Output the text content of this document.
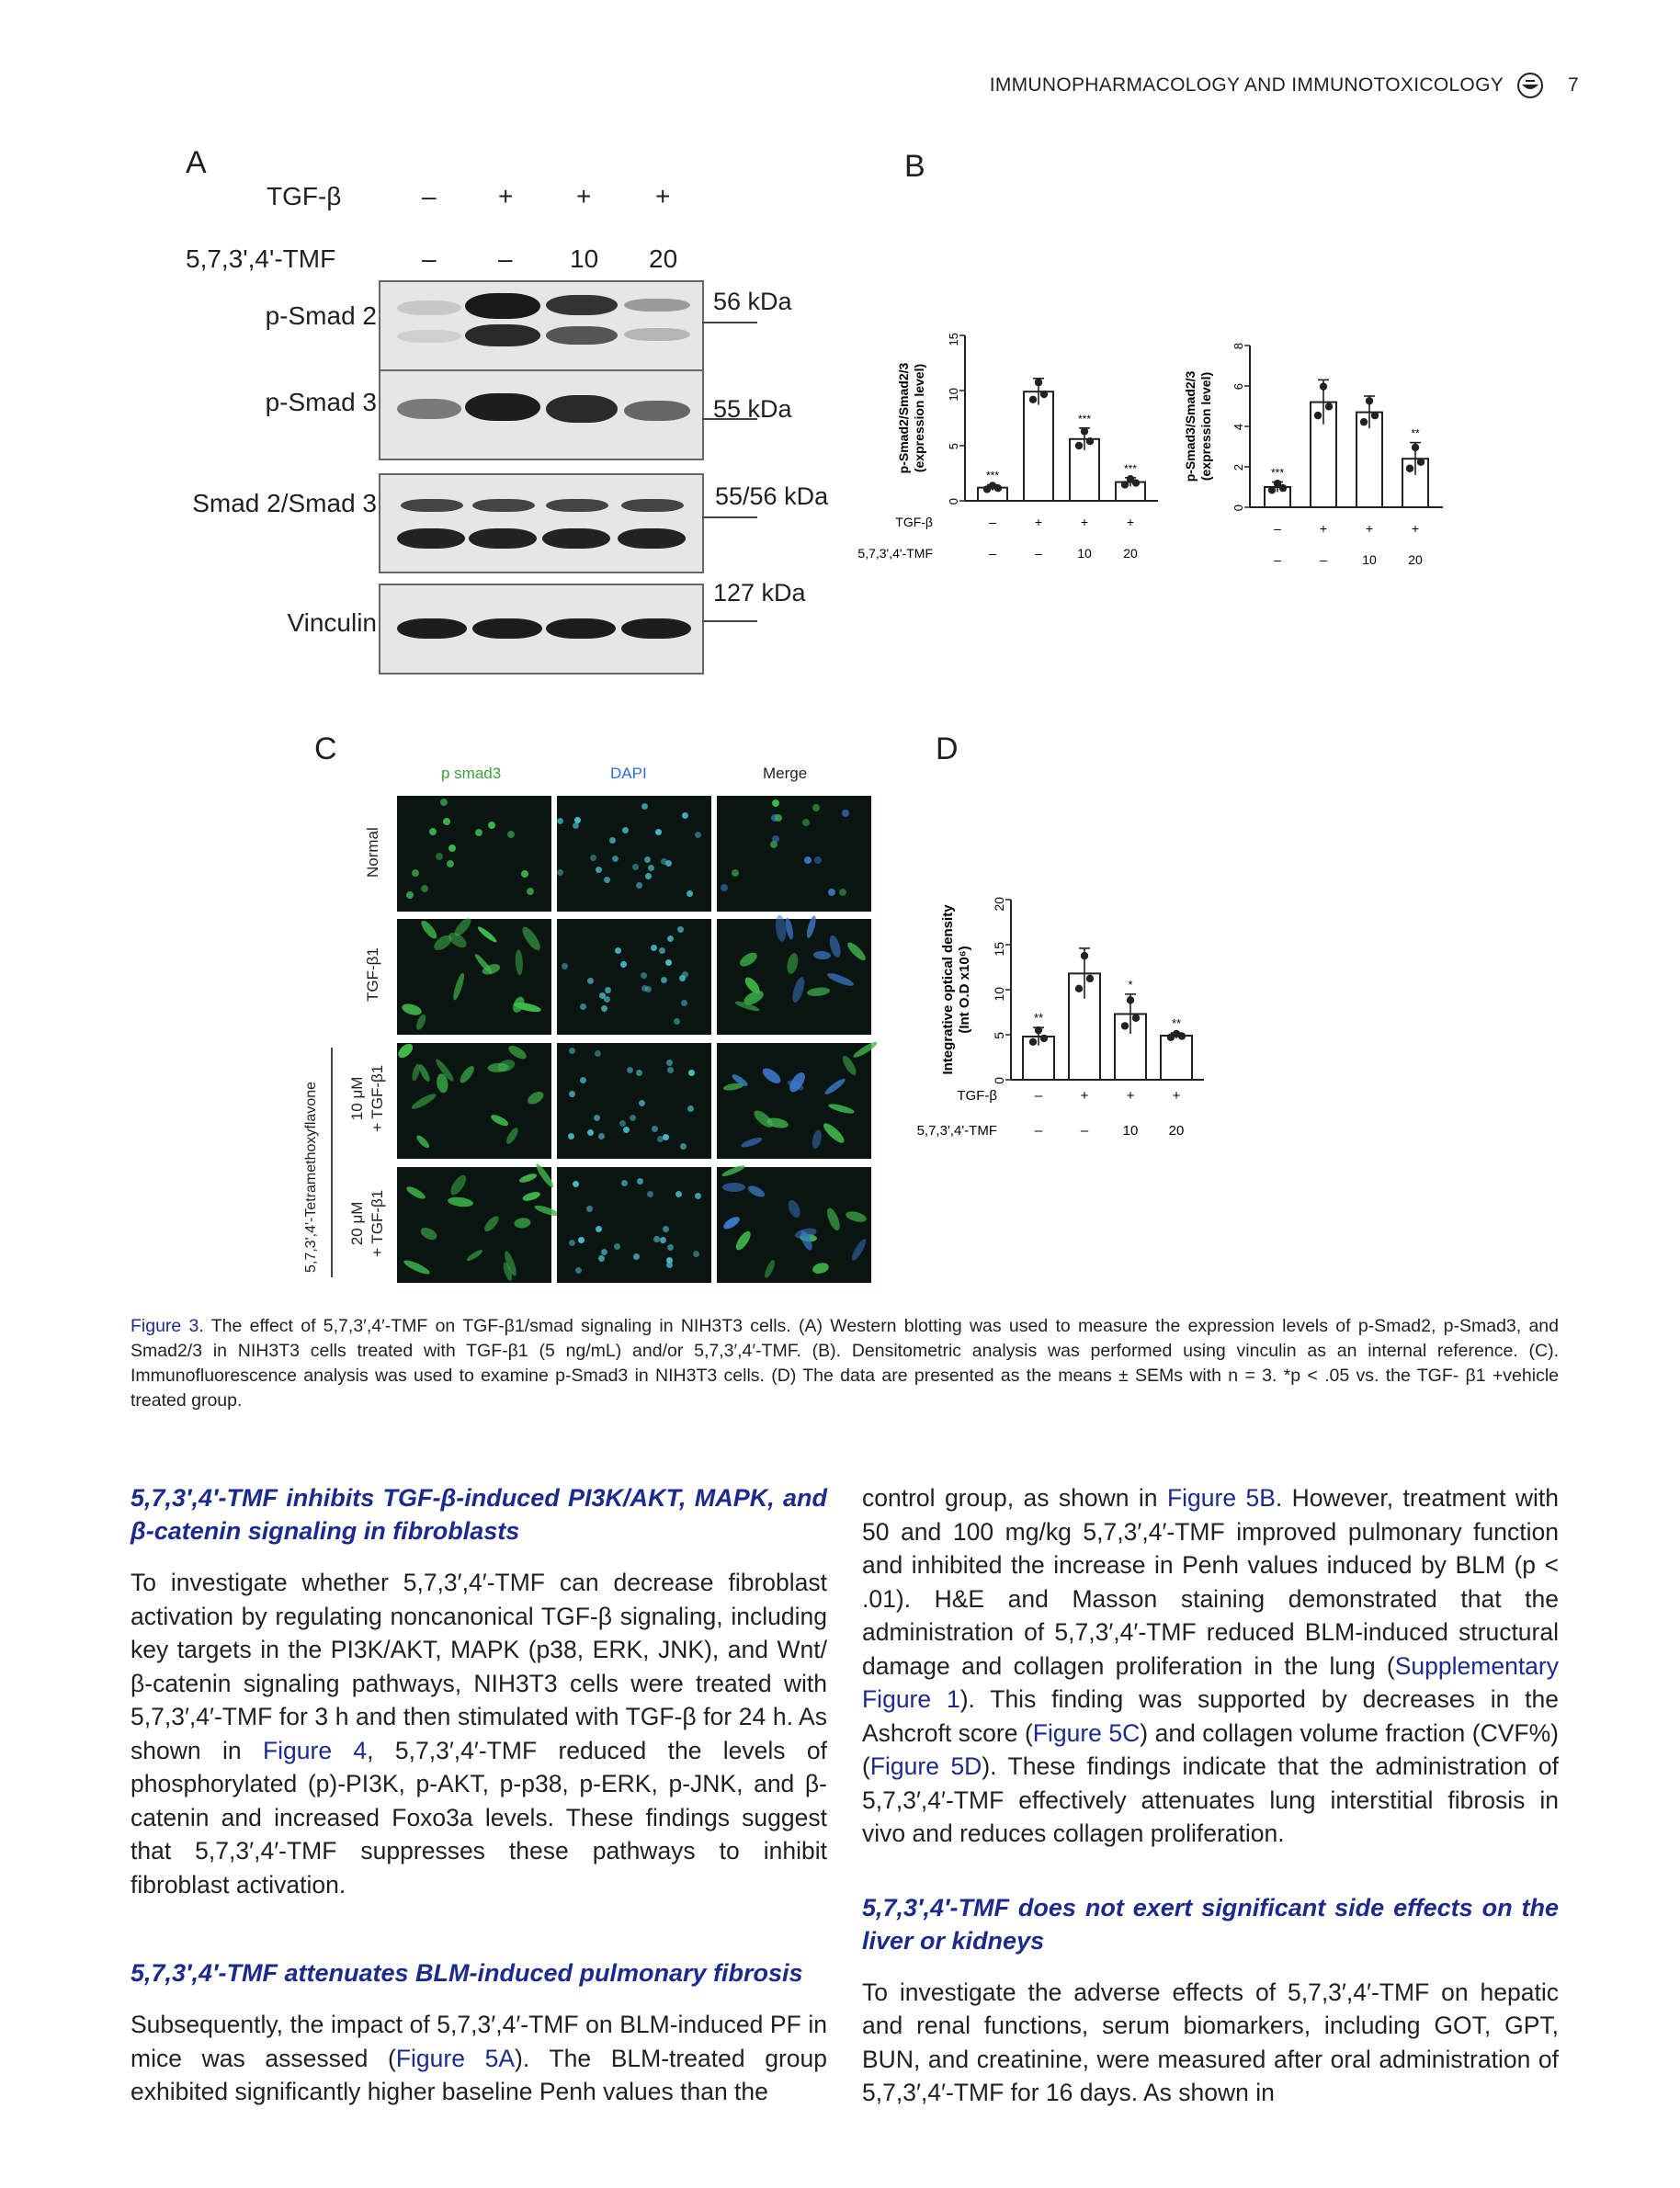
IMMUNOPHARMACOLOGY AND IMMUNOTOXICOLOGY	7
A
TGF-β
5,7,3',4'-TMF
– + + +
– – 10 20
p-Smad 2
p-Smad 3
Smad 2/Smad 3
Vinculin
56 kDa
55 kDa
55/56 kDa
127 kDa
B
0
5
10
15
p-Smad2/Smad2/3 (expression level)
***
***
***
TGF-β	–	+	+	+
5,7,3',4'-TMF	–	–	10 20
0
2
4
6
8
p-Smad3/Smad2/3 (expression level)	***
**
–	+	+	+
–	–	10 20
C
p smad3	DAPI	Merge
Normal
TGF-β1
10 μM
+ TGF-β1
20 μM
+ TGF-β1
5,7,3',4'-Tetramethoxyflavone
D
0
5
10
15
20
Integrative optical density (Int O.D x10⁶)	**
*
**
TGF-β	–	+	+	+
5,7,3',4'-TMF	–	– 10 20
Figure 3. The effect of 5,7,3′,4′-TMF on TGF-β1/smad signaling in NIH3T3 cells. (A) Western blotting was used to measure the expression levels of p-Smad2, p-Smad3, and Smad2/3 in NIH3T3 cells treated with TGF-β1 (5 ng/mL) and/or 5,7,3′,4′-TMF. (B). Densitometric analysis was performed using vinculin as an internal reference. (C). Immunofluorescence analysis was used to examine p-Smad3 in NIH3T3 cells. (D) The data are presented as the means ± SEMs with n = 3. *p < .05 vs. the TGF- β1 +vehicle treated group.

5,7,3′,4′-TMF inhibits TGF-β-induced PI3K/AKT, MAPK, and β-catenin signaling in fibroblasts

To investigate whether 5,7,3′,4′-TMF can decrease fibroblast activation by regulating noncanonical TGF-β signaling, including key targets in the PI3K/AKT, MAPK (p38, ERK, JNK), and Wnt/β-catenin signaling pathways, NIH3T3 cells were treated with 5,7,3′,4′-TMF for 3 h and then stimulated with TGF-β for 24 h. As shown in Figure 4, 5,7,3′,4′-TMF reduced the levels of phosphorylated (p)-PI3K, p-AKT, p-p38, p-ERK, p-JNK, and β-catenin and increased Foxo3a levels. These findings suggest that 5,7,3′,4′-TMF suppresses these pathways to inhibit fibroblast activation.

5,7,3′,4′-TMF attenuates BLM-induced pulmonary fibrosis

Subsequently, the impact of 5,7,3′,4′-TMF on BLM-induced PF in mice was assessed (Figure 5A). The BLM-treated group exhibited significantly higher baseline Penh values than the

control group, as shown in Figure 5B. However, treatment with 50 and 100 mg/kg 5,7,3′,4′-TMF improved pulmonary function and inhibited the increase in Penh values induced by BLM (p < .01). H&E and Masson staining demonstrated that the administration of 5,7,3′,4′-TMF reduced BLM-induced structural damage and collagen proliferation in the lung (Supplementary Figure 1). This finding was supported by decreases in the Ashcroft score (Figure 5C) and collagen volume fraction (CVF%) (Figure 5D). These findings indicate that the administration of 5,7,3′,4′-TMF effectively attenuates lung interstitial fibrosis in vivo and reduces collagen proliferation.

5,7,3′,4′-TMF does not exert significant side effects on the liver or kidneys

To investigate the adverse effects of 5,7,3′,4′-TMF on hepatic and renal functions, serum biomarkers, including GOT, GPT, BUN, and creatinine, were measured after oral administration of 5,7,3′,4′-TMF for 16 days. As shown in
